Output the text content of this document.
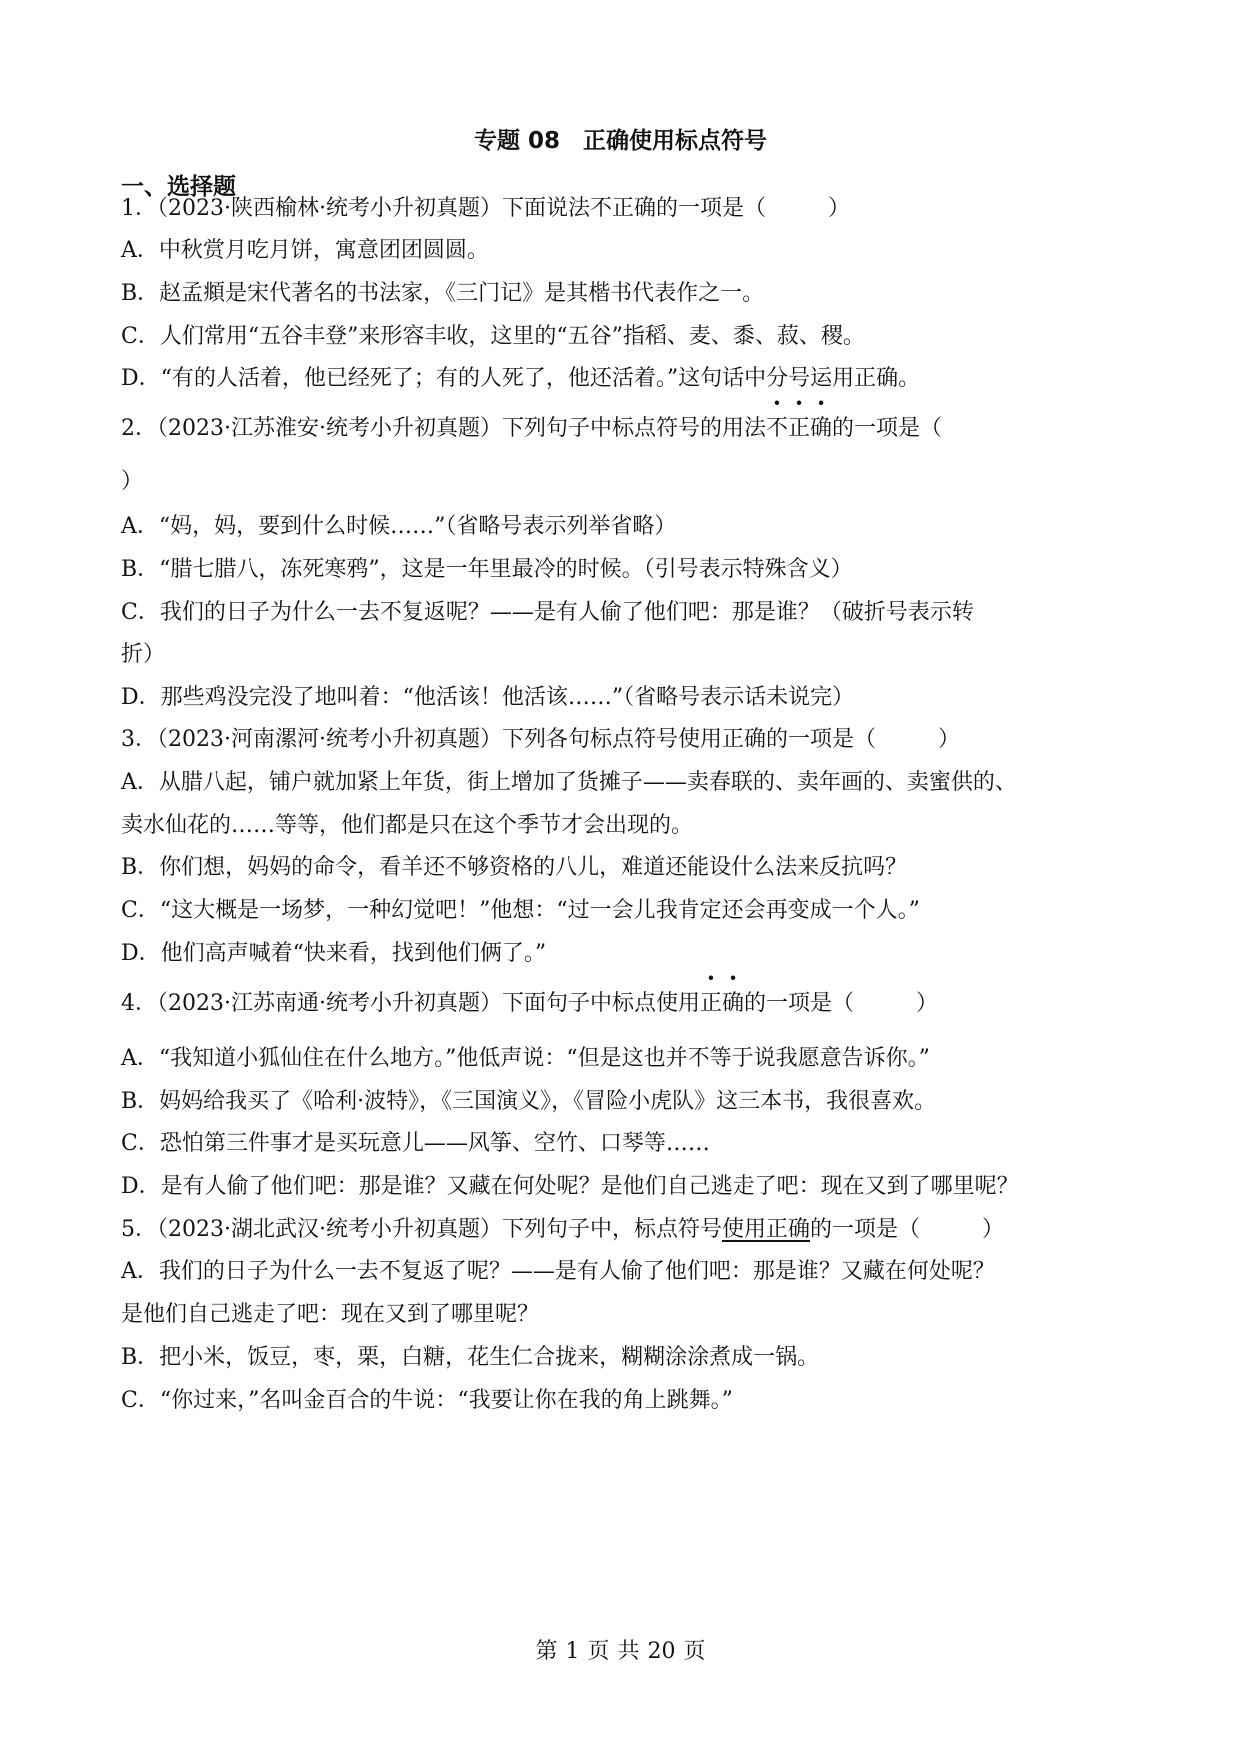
专题 08　正确使用标点符号
一、选择题
1．（2023·陕西榆林·统考小升初真题）下面说法不正确的一项是（	）
A．中秋赏月吃月饼，寓意团团圆圆。
B．赵孟頫是宋代著名的书法家，《三门记》是其楷书代表作之一。
C．人们常用“五谷丰登”来形容丰收，这里的“五谷”指稻、麦、黍、菽、稷。
D．“有的人活着，他已经死了；有的人死了，他还活着。”这句话中分号运用正确。
2．（2023·江苏淮安·统考小升初真题）下列句子中标点符号的用法不正确的一项是（
）
A．“妈，妈，要到什么时候……”（省略号表示列举省略）
B．“腊七腊八，冻死寒鸦”，这是一年里最冷的时候。（引号表示特殊含义）
C．我们的日子为什么一去不复返呢？——是有人偷了他们吧：那是谁？（破折号表示转
折）
D．那些鸡没完没了地叫着：“他活该！他活该……”（省略号表示话未说完）
3．（2023·河南漯河·统考小升初真题）下列各句标点符号使用正确的一项是（	）
A．从腊八起，铺户就加紧上年货，街上增加了货摊子——卖春联的、卖年画的、卖蜜供的、
卖水仙花的……等等，他们都是只在这个季节才会出现的。
B．你们想，妈妈的命令，看羊还不够资格的八儿，难道还能设什么法来反抗吗？
C．“这大概是一场梦，一种幻觉吧！”他想：“过一会儿我肯定还会再变成一个人。”
D．他们高声喊着“快来看，找到他们俩了。”
4．（2023·江苏南通·统考小升初真题）下面句子中标点使用正确的一项是（	）
A．“我知道小狐仙住在什么地方。”他低声说：“但是这也并不等于说我愿意告诉你。”
B．妈妈给我买了《哈利·波特》，《三国演义》，《冒险小虎队》这三本书，我很喜欢。
C．恐怕第三件事才是买玩意儿——风筝、空竹、口琴等……
D．是有人偷了他们吧：那是谁？又藏在何处呢？是他们自己逃走了吧：现在又到了哪里呢？
5．（2023·湖北武汉·统考小升初真题）下列句子中，标点符号使用正确的一项是（	）
A．我们的日子为什么一去不复返了呢？——是有人偷了他们吧：那是谁？又藏在何处呢？
是他们自己逃走了吧：现在又到了哪里呢？
B．把小米，饭豆，枣，栗，白糖，花生仁合拢来，糊糊涂涂煮成一锅。
C．“你过来，”名叫金百合的牛说：“我要让你在我的角上跳舞。”
第 1 页 共 20 页
